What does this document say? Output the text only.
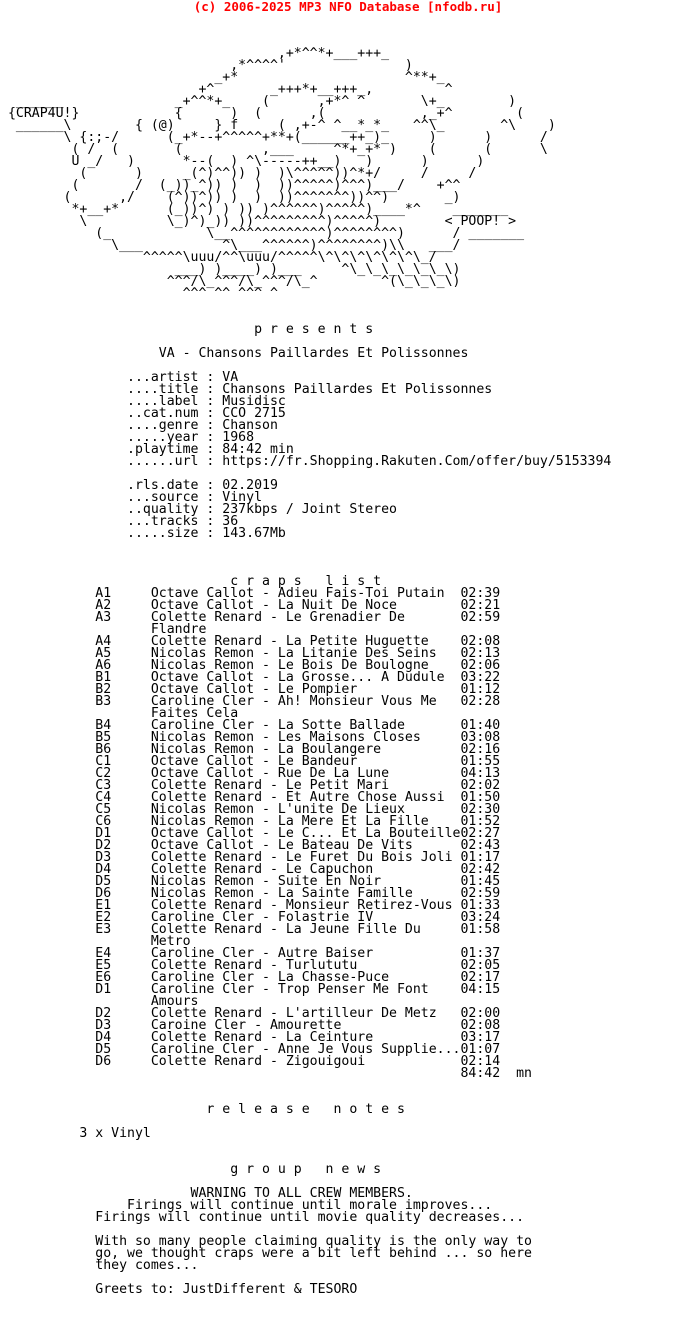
(c) 2006-2025 MP3 NFO Database [nfodb.ru]

,+*^^*+___+++_
,*^^^^'               )
_+*                     ^**+_
+^       _+++*+__+++_,         ^
______              _+^^*+_    (      ,+*^ ^       \+_        )
{CRAP4U!}            {      )  (      ,(            ,_+^        (
______\        { (@)     } f     ( ,+-^ ^__*_*_   ^^\_       ^\    )
\ {:;-/      (_+*--+^^^^^+**+(______++_)_     )      )      /
( /  (       (          ,___     ^*+_+* )    (      (      \
U _/   )      *--(  ) ^\-----++__)   )      )      )
(      )     _(^)^^)) )  )\^^^^^))^*+/     /     /
(       /  (_))_^)) )  )  ))^^^^^)^^^)___/    +^^
(      ,/    (^))^)) )  )  ))^^^^^^^))^^)       _)
*+__+*      (_))^) ) )) )^^^^^^)^^^^^)____*^    _______
\          \_)^)_)) ))^^^^^^^^^)^^^^^)        < POOP! >
(_            \__^^^^^^^^^^^^)^^^^^^^^)      / _______
\___          ^\___^^^^^^)^^^^^^^^)\\   ___/
^^^^^\uuu/^^\uuu/^^^^^\^\^\^\^\^\^\_/
___) )____) )___     ^\_\_\_\_\_\_\)
^^^/\_^^^/\_^^^/\_^        ^(\_\_\_\)
^^^ ^^ ^^^ ^

p r e s e n t s

VA - Chansons Paillardes Et Polissonnes

...artist : VA
....title : Chansons Paillardes Et Polissonnes
....label : Musidisc
..cat.num : CCO 2715
....genre : Chanson
.....year : 1968
.playtime : 84:42 min
......url : https://fr.Shopping.Rakuten.Com/offer/buy/5153394

.rls.date : 02.2019
...source : Vinyl
..quality : 237kbps / Joint Stereo
...tracks : 36
.....size : 143.67Mb

c r a p s   l i s t
A1     Octave Callot - Adieu Fais-Toi Putain  02:39
A2     Octave Callot - La Nuit De Noce        02:21
A3     Colette Renard - Le Grenadier De       02:59
Flandre
A4     Colette Renard - La Petite Huguette    02:08
A5     Nicolas Remon - La Litanie Des Seins   02:13
A6     Nicolas Remon - Le Bois De Boulogne    02:06
B1     Octave Callot - La Grosse... A Dudule  03:22
B2     Octave Callot - Le Pompier             01:12
B3     Caroline Cler - Ah! Monsieur Vous Me   02:28
Faites Cela
B4     Caroline Cler - La Sotte Ballade       01:40
B5     Nicolas Remon - Les Maisons Closes     03:08
B6     Nicolas Remon - La Boulangere          02:16
C1     Octave Callot - Le Bandeur             01:55
C2     Octave Callot - Rue De La Lune         04:13
C3     Colette Renard - Le Petit Mari         02:02
C4     Colette Renard - Et Autre Chose Aussi  01:50
C5     Nicolas Remon - L'unite De Lieux       02:30
C6     Nicolas Remon - La Mere Et La Fille    01:52
D1     Octave Callot - Le C... Et La Bouteille02:27
D2     Octave Callot - Le Bateau De Vits      02:43
D3     Colette Renard - Le Furet Du Bois Joli 01:17
D4     Colette Renard - Le Capuchon           02:42
D5     Nicolas Remon - Suite En Noir          01:45
D6     Nicolas Remon - La Sainte Famille      02:59
E1     Colette Renard - Monsieur Retirez-Vous 01:33
E2     Caroline Cler - Folastrie IV           03:24
E3     Colette Renard - La Jeune Fille Du     01:58
Metro
E4     Caroline Cler - Autre Baiser           01:37
E5     Colette Renard - Turlututu             02:05
E6     Caroline Cler - La Chasse-Puce         02:17
D1     Caroline Cler - Trop Penser Me Font    04:15
Amours
D2     Colette Renard - L'artilleur De Metz   02:00
D3     Caroine Cler - Amourette               02:08
D4     Colette Renard - La Ceinture           03:17
D5     Caroline Cler - Anne Je Vous Supplie...01:07
D6     Colette Renard - Zigouigoui            02:14
84:42  mn

r e l e a s e   n o t e s

3 x Vinyl

g r o u p   n e w s

WARNING TO ALL CREW MEMBERS.
Firings will continue until morale improves...
Firings will continue until movie quality decreases...

With so many people claiming quality is the only way to
go, we thought craps were a bit left behind ... so here
they comes...

Greets to: JustDifferent & TESORO
